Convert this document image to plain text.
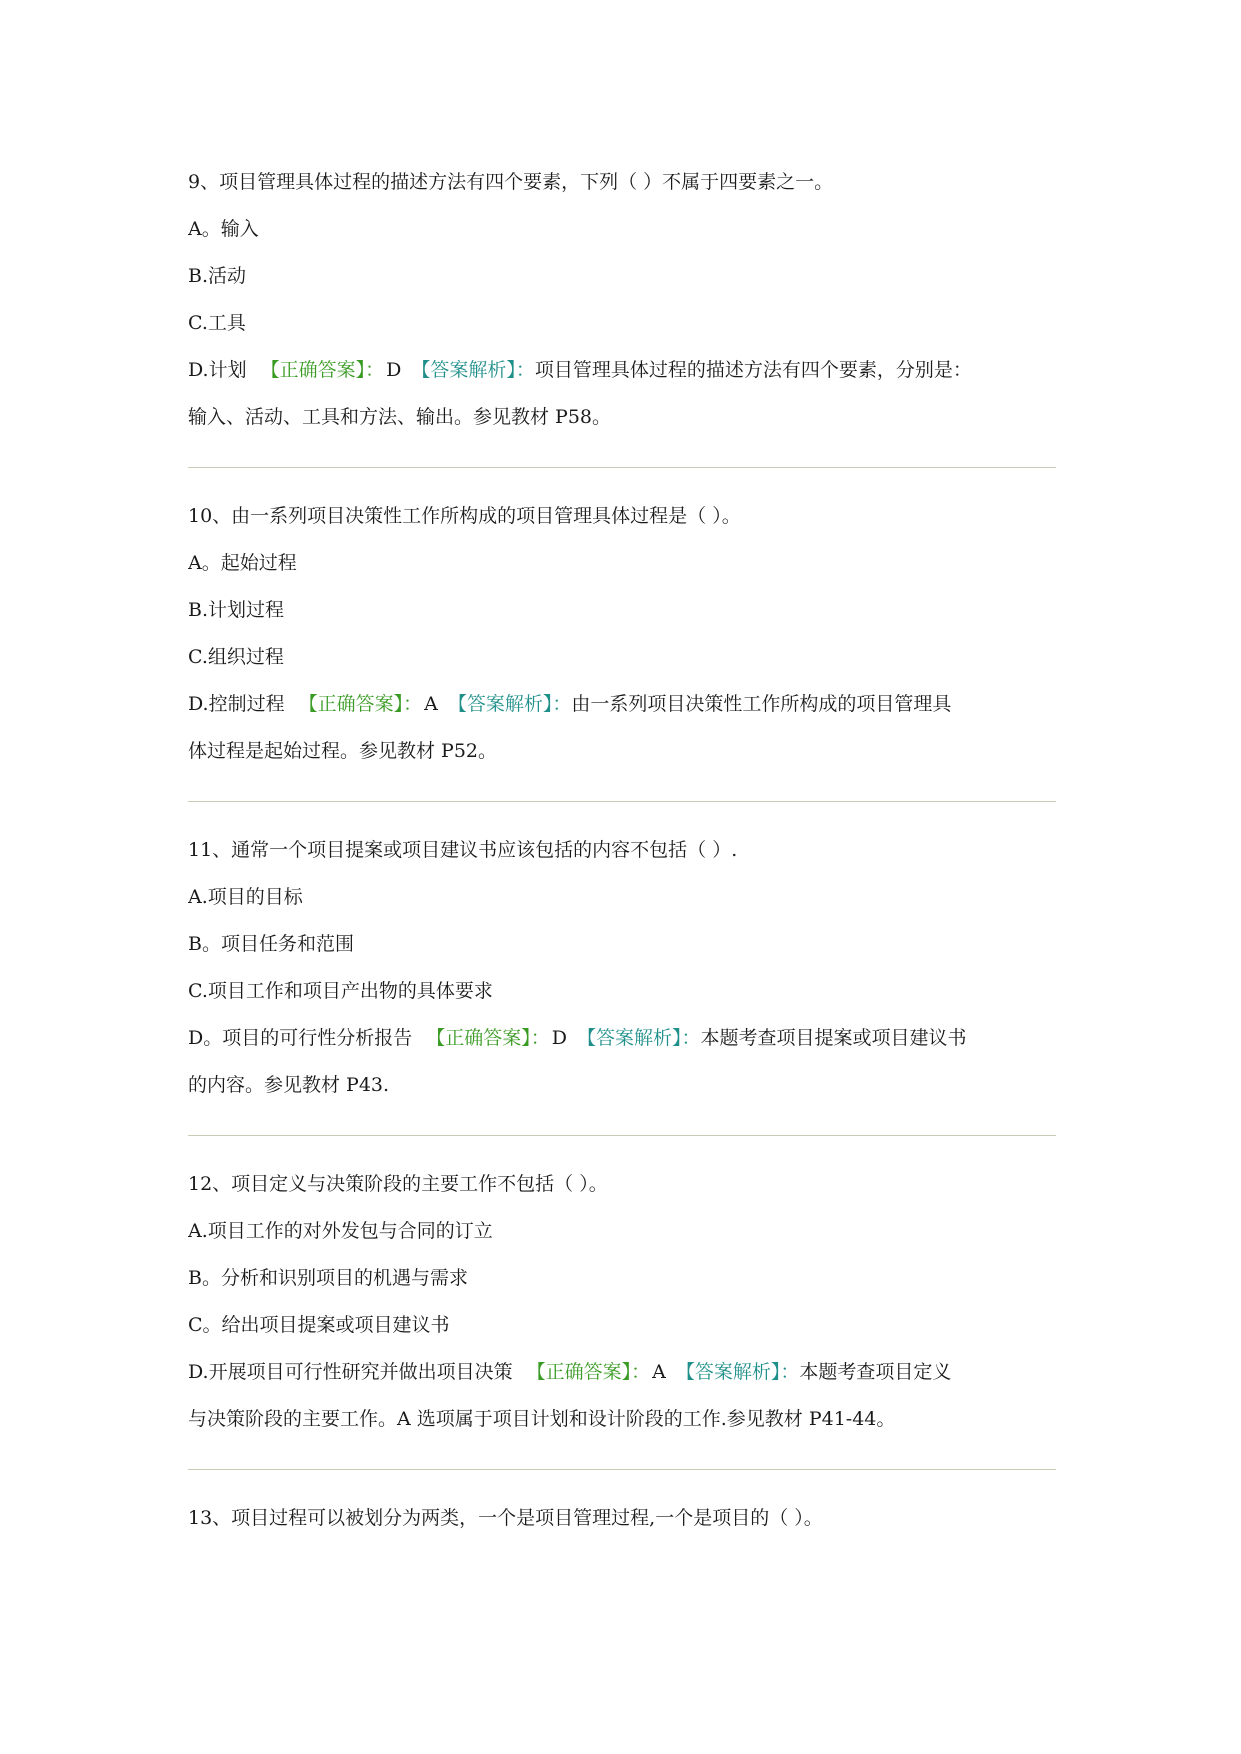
9、项目管理具体过程的描述方法有四个要素，下列（ ）不属于四要素之一。
A。输入
B.活动
C.工具
D.计划 【正确答案】： D 【答案解析】：项目管理具体过程的描述方法有四个要素，分别是：
输入、活动、工具和方法、输出。参见教材 P58。
10、由一系列项目决策性工作所构成的项目管理具体过程是（ ）。
A。起始过程
B.计划过程
C.组织过程
D.控制过程 【正确答案】： A 【答案解析】：由一系列项目决策性工作所构成的项目管理具
体过程是起始过程。参见教材 P52。
11、通常一个项目提案或项目建议书应该包括的内容不包括（ ）.
A.项目的目标
B。项目任务和范围
C.项目工作和项目产出物的具体要求
D。项目的可行性分析报告 【正确答案】： D 【答案解析】：本题考查项目提案或项目建议书
的内容。参见教材 P43.
12、项目定义与决策阶段的主要工作不包括（ ）。
A.项目工作的对外发包与合同的订立
B。分析和识别项目的机遇与需求
C。给出项目提案或项目建议书
D.开展项目可行性研究并做出项目决策 【正确答案】： A 【答案解析】：本题考查项目定义
与决策阶段的主要工作。A 选项属于项目计划和设计阶段的工作.参见教材 P41-44。
13、项目过程可以被划分为两类，一个是项目管理过程,一个是项目的（ ）。
